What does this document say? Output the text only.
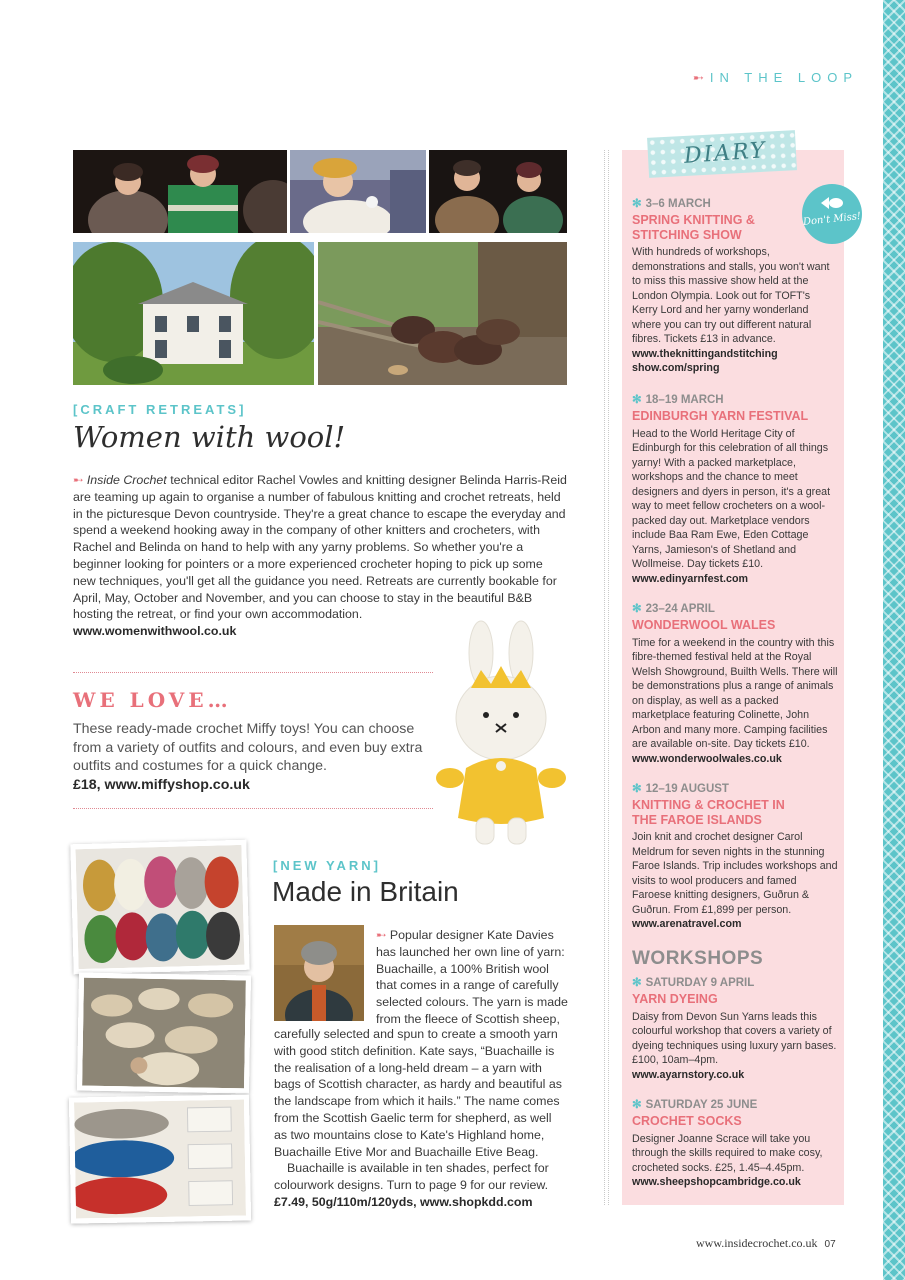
➸ IN THE LOOP
[CRAFT RETREATS]
Women with wool!
➸ Inside Crochet technical editor Rachel Vowles and knitting designer Belinda Harris-Reid are teaming up again to organise a number of fabulous knitting and crochet retreats, held in the picturesque Devon countryside. They're a great chance to escape the everyday and spend a weekend hooking away in the company of other knitters and crocheters, with Rachel and Belinda on hand to help with any yarny problems. So whether you're a beginner looking for pointers or a more experienced crocheter hoping to pick up some new techniques, you'll get all the guidance you need. Retreats are currently bookable for April, May, October and November, and you can choose to stay in the beautiful B&B hosting the retreat, or find your own accommodation.
www.womenwithwool.co.uk
WE LOVE…
These ready-made crochet Miffy toys! You can choose from a variety of outfits and colours, and even buy extra outfits and costumes for a quick change.
£18, www.miffyshop.co.uk
[NEW YARN]
Made in Britain
➸ Popular designer Kate Davies
has launched her own line of yarn:
Buachaille, a 100% British wool
that comes in a range of carefully
selected colours. The yarn is made
from the fleece of Scottish sheep,
carefully selected and spun to create a smooth yarn with good stitch definition. Kate says, “Buachaille is the realisation of a long-held dream – a yarn with bags of Scottish character, as hardy and beautiful as the landscape from which it hails.” The name comes from the Scottish Gaelic term for shepherd, as well as two mountains close to Kate's Highland home, Buachaille Etive Mor and Buachaille Etive Beag.
Buachaille is available in ten shades, perfect for colourwork designs. Turn to page 9 for our review.
£7.49, 50g/110m/120yds, www.shopkdd.com
DIARY
Don't Miss!
✻ 3–6 MARCH
SPRING KNITTING & STITCHING SHOW
With hundreds of workshops, demonstrations and stalls, you won't want to miss this massive show held at the London Olympia. Look out for TOFT's Kerry Lord and her yarny wonderland where you can try out different natural fibres. Tickets £13 in advance.
www.theknittingandstitching show.com/spring
✻ 18–19 MARCH
EDINBURGH YARN FESTIVAL
Head to the World Heritage City of Edinburgh for this celebration of all things yarny! With a packed marketplace, workshops and the chance to meet designers and dyers in person, it's a great way to meet fellow crocheters on a wool-packed day out. Marketplace vendors include Baa Ram Ewe, Eden Cottage Yarns, Jamieson's of Shetland and Wollmeise. Day tickets £10.
www.edinyarnfest.com
✻ 23–24 APRIL
WONDERWOOL WALES
Time for a weekend in the country with this fibre-themed festival held at the Royal Welsh Showground, Builth Wells. There will be demonstrations plus a range of animals on display, as well as a packed marketplace featuring Colinette, John Arbon and many more. Camping facilities are available on-site. Day tickets £10.
www.wonderwoolwales.co.uk
✻ 12–19 AUGUST
KNITTING & CROCHET IN THE FAROE ISLANDS
Join knit and crochet designer Carol Meldrum for seven nights in the stunning Faroe Islands. Trip includes workshops and visits to wool producers and famed Faroese knitting designers, Guðrun & Guðrun. From £1,899 per person.
www.arenatravel.com
WORKSHOPS
✻ SATURDAY 9 APRIL
YARN DYEING
Daisy from Devon Sun Yarns leads this colourful workshop that covers a variety of dyeing techniques using luxury yarn bases. £100, 10am–4pm.
www.ayarnstory.co.uk
✻ SATURDAY 25 JUNE
CROCHET SOCKS
Designer Joanne Scrace will take you through the skills required to make cosy, crocheted socks. £25, 1.45–4.45pm.
www.sheepshopcambridge.co.uk
www.insidecrochet.co.uk 07
